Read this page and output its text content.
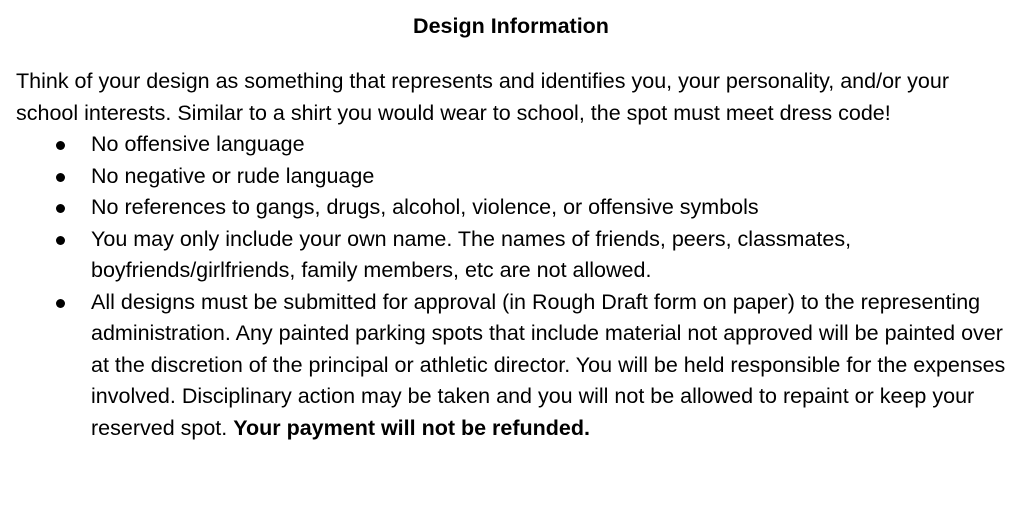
Design Information

Think of your design as something that represents and identifies you, your personality, and/or your school interests. Similar to a shirt you would wear to school, the spot must meet dress code!

No offensive language
No negative or rude language
No references to gangs, drugs, alcohol, violence, or offensive symbols
You may only include your own name. The names of friends, peers, classmates, boyfriends/girlfriends, family members, etc are not allowed.
All designs must be submitted for approval (in Rough Draft form on paper) to the representing administration. Any painted parking spots that include material not approved will be painted over at the discretion of the principal or athletic director. You will be held responsible for the expenses involved. Disciplinary action may be taken and you will not be allowed to repaint or keep your reserved spot. Your payment will not be refunded.
